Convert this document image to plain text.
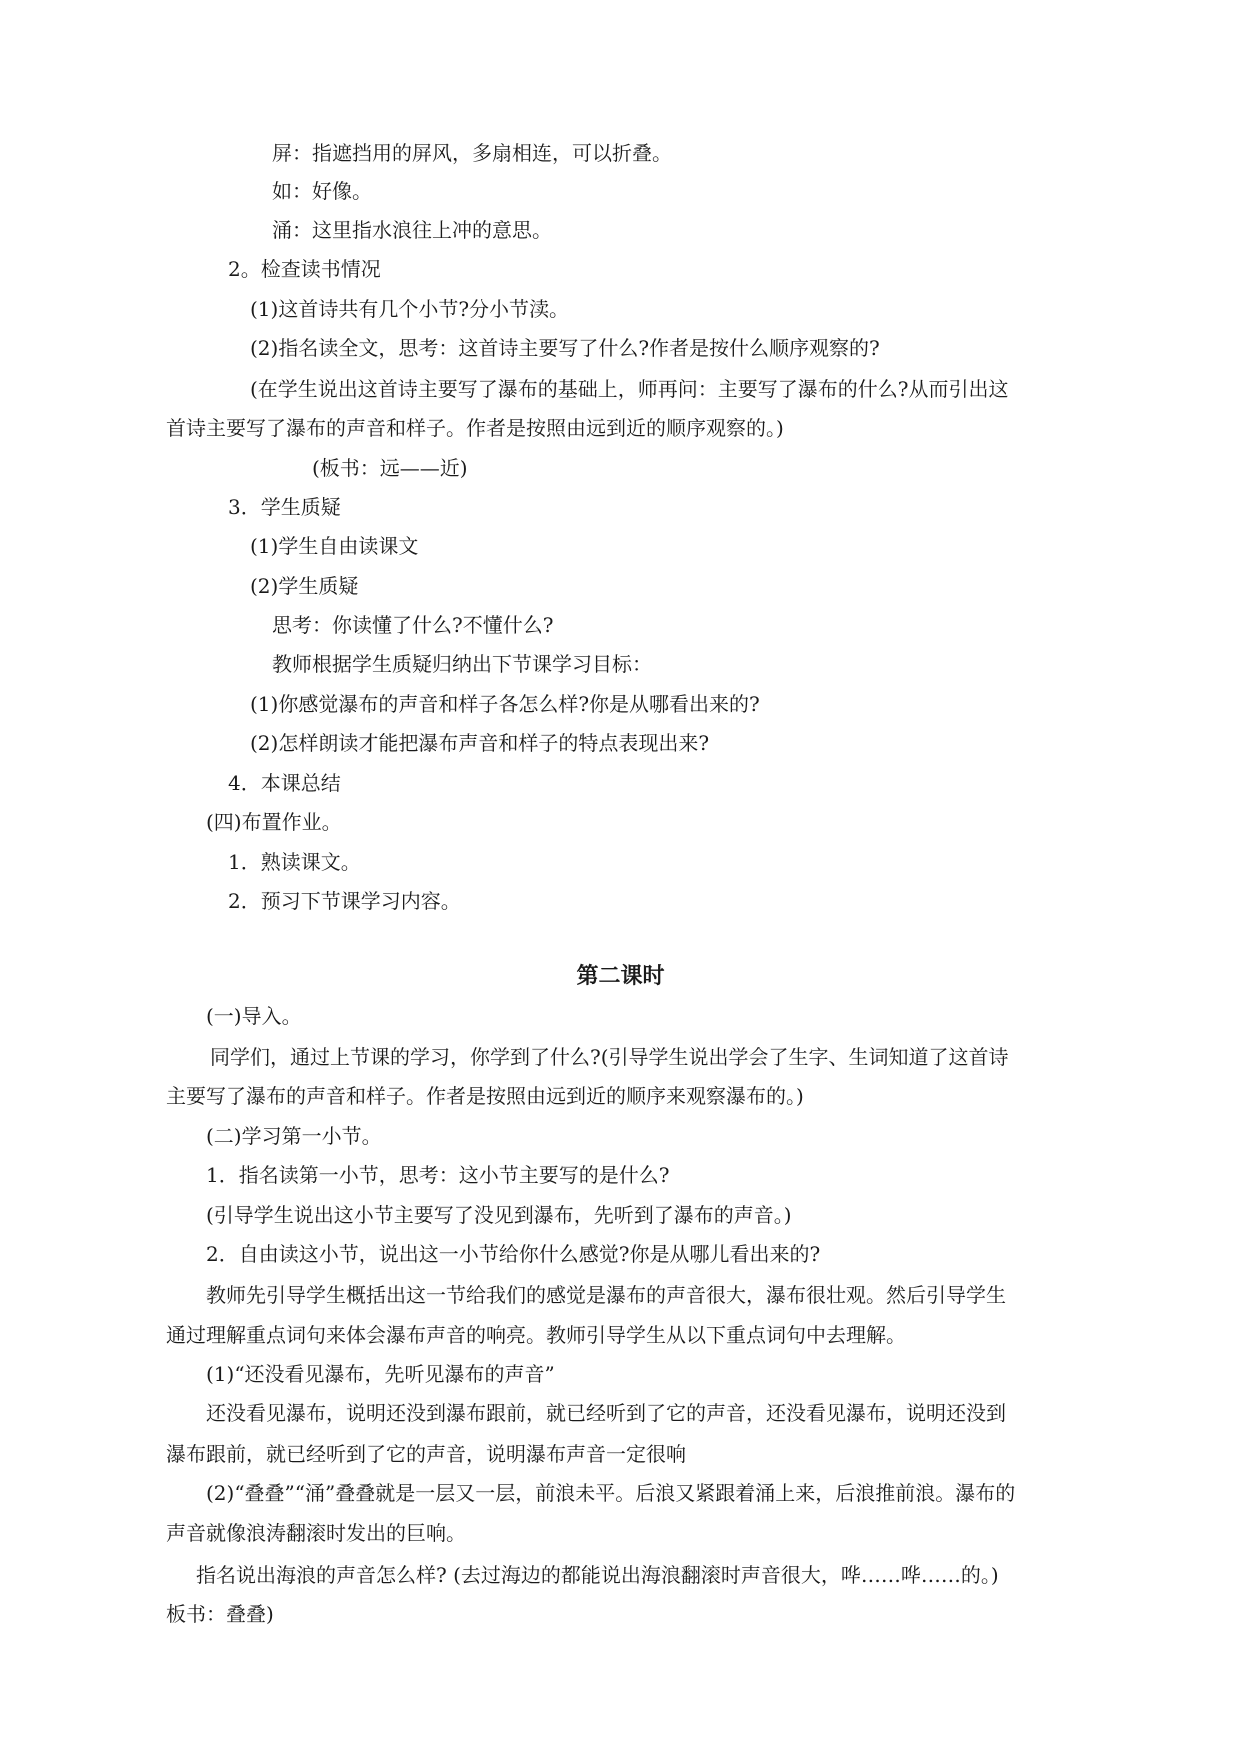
屏：指遮挡用的屏风，多扇相连，可以折叠。

如：好像。

涌：这里指水浪往上冲的意思。

2。检查读书情况

(1)这首诗共有几个小节?分小节渎。

(2)指名读全文，思考：这首诗主要写了什么?作者是按什么顺序观察的?

(在学生说出这首诗主要写了瀑布的基础上，师再问：主要写了瀑布的什么?从而引出这

首诗主要写了瀑布的声音和样子。作者是按照由远到近的顺序观察的。)

(板书：远——近)

3．学生质疑

(1)学生自由读课文

(2)学生质疑

思考：你读懂了什么?不懂什么?

教师根据学生质疑归纳出下节课学习目标：

(1)你感觉瀑布的声音和样子各怎么样?你是从哪看出来的?

(2)怎样朗读才能把瀑布声音和样子的特点表现出来?

4．本课总结

(四)布置作业。

1．熟读课文。

2．预习下节课学习内容。

第二课时

(一)导入。

同学们，通过上节课的学习，你学到了什么?(引导学生说出学会了生字、生词知道了这首诗

主要写了瀑布的声音和样子。作者是按照由远到近的顺序来观察瀑布的。)

(二)学习第一小节。

1．指名读第一小节，思考：这小节主要写的是什么?

(引导学生说出这小节主要写了没见到瀑布，先听到了瀑布的声音。)

2．自由读这小节，说出这一小节给你什么感觉?你是从哪儿看出来的?

教师先引导学生概括出这一节给我们的感觉是瀑布的声音很大，瀑布很壮观。然后引导学生

通过理解重点词句来体会瀑布声音的响亮。教师引导学生从以下重点词句中去理解。

(1)“还没看见瀑布，先听见瀑布的声音”

还没看见瀑布，说明还没到瀑布跟前，就已经听到了它的声音，还没看见瀑布，说明还没到

瀑布跟前，就已经听到了它的声音，说明瀑布声音一定很响

(2)“叠叠”“涌”叠叠就是一层又一层，前浪未平。后浪又紧跟着涌上来，后浪推前浪。瀑布的

声音就像浪涛翻滚时发出的巨响。

指名说出海浪的声音怎么样? (去过海边的都能说出海浪翻滚时声音很大，哗……哗……的。)

板书：叠叠)
